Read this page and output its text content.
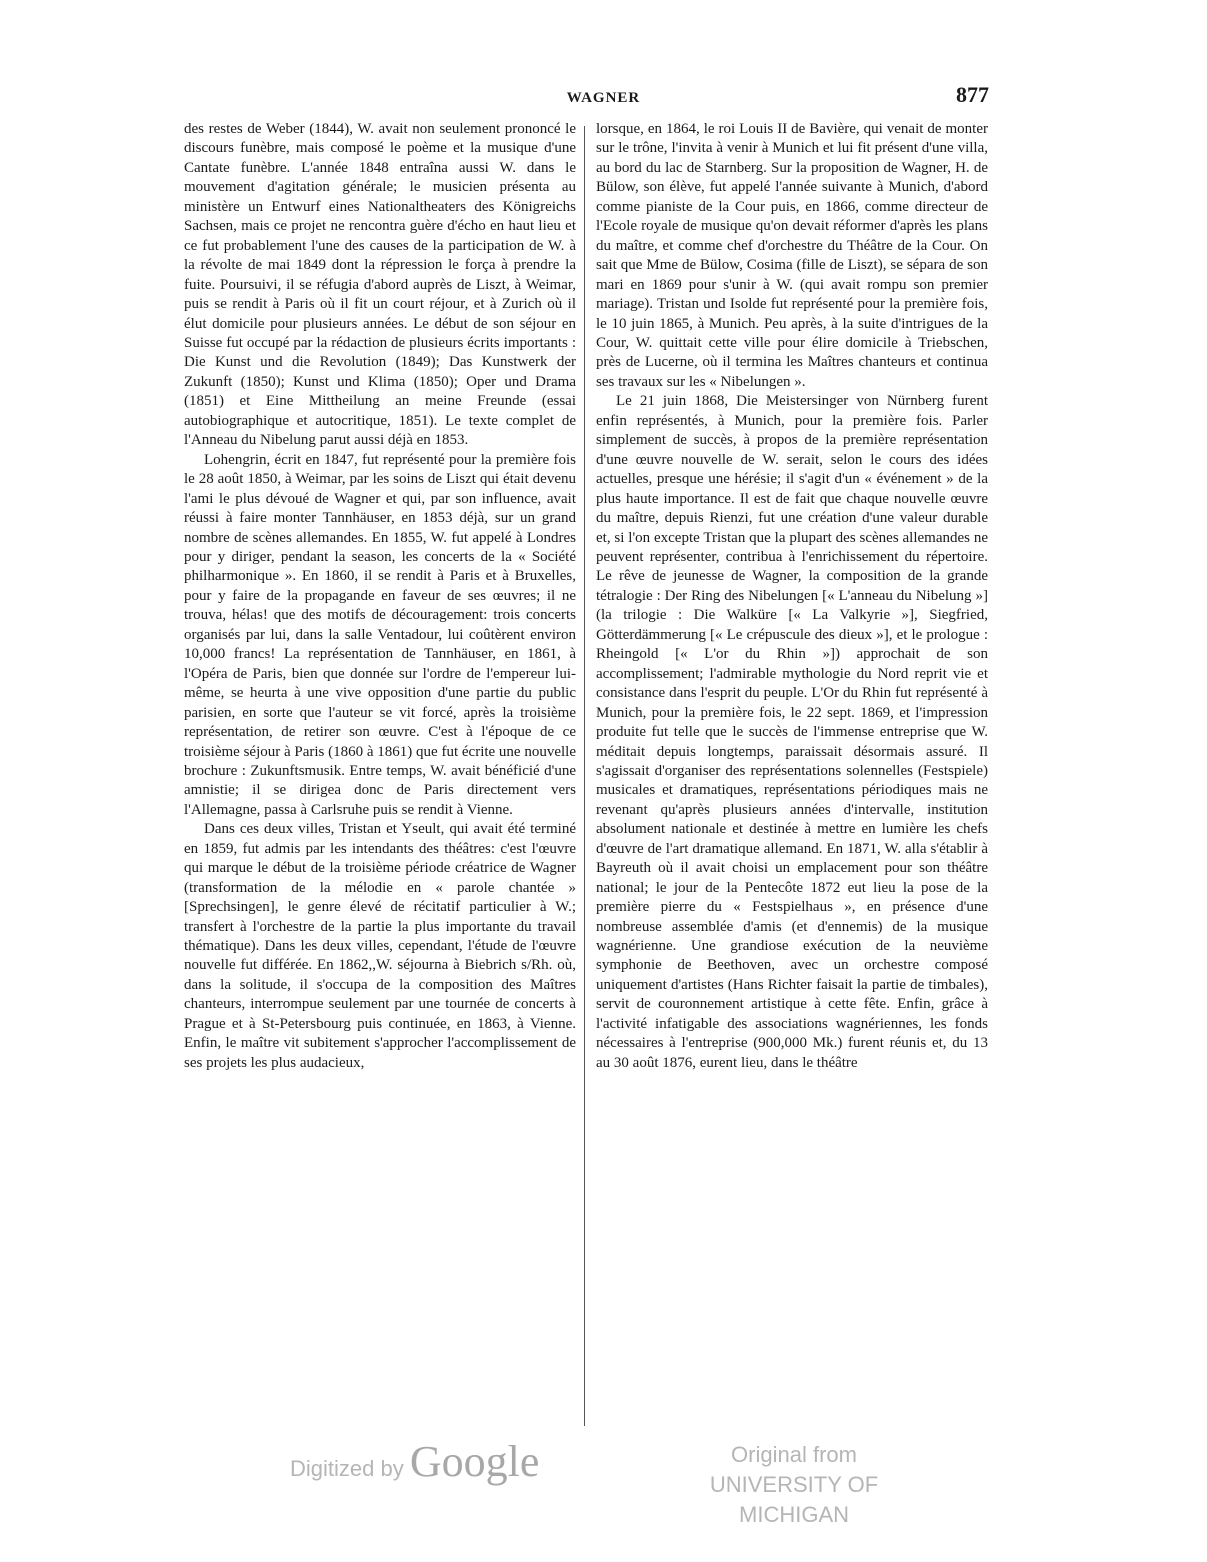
WAGNER	877

des restes de Weber (1844), W. avait non seulement prononcé le discours funèbre, mais composé le poème et la musique d'une Cantate funèbre. L'année 1848 entraîna aussi W. dans le mouvement d'agitation générale; le musicien présenta au ministère un Entwurf eines Nationaltheaters des Königreichs Sachsen, mais ce projet ne rencontra guère d'écho en haut lieu et ce fut probablement l'une des causes de la participation de W. à la révolte de mai 1849 dont la répression le força à prendre la fuite. Poursuivi, il se réfugia d'abord auprès de Liszt, à Weimar, puis se rendit à Paris où il fit un court réjour, et à Zurich où il élut domicile pour plusieurs années. Le début de son séjour en Suisse fut occupé par la rédaction de plusieurs écrits importants : Die Kunst und die Revolution (1849); Das Kunstwerk der Zukunft (1850); Kunst und Klima (1850); Oper und Drama (1851) et Eine Mittheilung an meine Freunde (essai autobiographique et autocritique, 1851). Le texte complet de l'Anneau du Nibelung parut aussi déjà en 1853.

Lohengrin, écrit en 1847, fut représenté pour la première fois le 28 août 1850, à Weimar, par les soins de Liszt qui était devenu l'ami le plus dévoué de Wagner et qui, par son influence, avait réussi à faire monter Tannhäuser, en 1853 déjà, sur un grand nombre de scènes allemandes. En 1855, W. fut appelé à Londres pour y diriger, pendant la season, les concerts de la « Société philharmonique ». En 1860, il se rendit à Paris et à Bruxelles, pour y faire de la propagande en faveur de ses œuvres; il ne trouva, hélas! que des motifs de découragement: trois concerts organisés par lui, dans la salle Ventadour, lui coûtèrent environ 10,000 francs! La représentation de Tannhäuser, en 1861, à l'Opéra de Paris, bien que donnée sur l'ordre de l'empereur lui-même, se heurta à une vive opposition d'une partie du public parisien, en sorte que l'auteur se vit forcé, après la troisième représentation, de retirer son œuvre. C'est à l'époque de ce troisième séjour à Paris (1860 à 1861) que fut écrite une nouvelle brochure : Zukunftsmusik. Entre temps, W. avait bénéficié d'une amnistie; il se dirigea donc de Paris directement vers l'Allemagne, passa à Carlsruhe puis se rendit à Vienne.

Dans ces deux villes, Tristan et Yseult, qui avait été terminé en 1859, fut admis par les intendants des théâtres: c'est l'œuvre qui marque le début de la troisième période créatrice de Wagner (transformation de la mélodie en « parole chantée » [Sprechsingen], le genre élevé de récitatif particulier à W.; transfert à l'orchestre de la partie la plus importante du travail thématique). Dans les deux villes, cependant, l'étude de l'œuvre nouvelle fut différée. En 1862,,W. séjourna à Biebrich s/Rh. où, dans la solitude, il s'occupa de la composition des Maîtres chanteurs, interrompue seulement par une tournée de concerts à Prague et à St-Petersbourg puis continuée, en 1863, à Vienne. Enfin, le maître vit subitement s'approcher l'accomplissement de ses projets les plus audacieux,

lorsque, en 1864, le roi Louis II de Bavière, qui venait de monter sur le trône, l'invita à venir à Munich et lui fit présent d'une villa, au bord du lac de Starnberg. Sur la proposition de Wagner, H. de Bülow, son élève, fut appelé l'année suivante à Munich, d'abord comme pianiste de la Cour puis, en 1866, comme directeur de l'Ecole royale de musique qu'on devait réformer d'après les plans du maître, et comme chef d'orchestre du Théâtre de la Cour. On sait que Mme de Bülow, Cosima (fille de Liszt), se sépara de son mari en 1869 pour s'unir à W. (qui avait rompu son premier mariage). Tristan und Isolde fut représenté pour la première fois, le 10 juin 1865, à Munich. Peu après, à la suite d'intrigues de la Cour, W. quittait cette ville pour élire domicile à Triebschen, près de Lucerne, où il termina les Maîtres chanteurs et continua ses travaux sur les « Nibelungen ».

Le 21 juin 1868, Die Meistersinger von Nürnberg furent enfin représentés, à Munich, pour la première fois. Parler simplement de succès, à propos de la première représentation d'une œuvre nouvelle de W. serait, selon le cours des idées actuelles, presque une hérésie; il s'agit d'un « événement » de la plus haute importance. Il est de fait que chaque nouvelle œuvre du maître, depuis Rienzi, fut une création d'une valeur durable et, si l'on excepte Tristan que la plupart des scènes allemandes ne peuvent représenter, contribua à l'enrichissement du répertoire. Le rêve de jeunesse de Wagner, la composition de la grande tétralogie : Der Ring des Nibelungen [« L'anneau du Nibelung »] (la trilogie : Die Walküre [« La Valkyrie »], Siegfried, Götterdämmerung [« Le crépuscule des dieux »], et le prologue : Rheingold [« L'or du Rhin »]) approchait de son accomplissement; l'admirable mythologie du Nord reprit vie et consistance dans l'esprit du peuple. L'Or du Rhin fut représenté à Munich, pour la première fois, le 22 sept. 1869, et l'impression produite fut telle que le succès de l'immense entreprise que W. méditait depuis longtemps, paraissait désormais assuré. Il s'agissait d'organiser des représentations solennelles (Festspiele) musicales et dramatiques, représentations périodiques mais ne revenant qu'après plusieurs années d'intervalle, institution absolument nationale et destinée à mettre en lumière les chefs d'œuvre de l'art dramatique allemand. En 1871, W. alla s'établir à Bayreuth où il avait choisi un emplacement pour son théâtre national; le jour de la Pentecôte 1872 eut lieu la pose de la première pierre du « Festspielhaus », en présence d'une nombreuse assemblée d'amis (et d'ennemis) de la musique wagnérienne. Une grandiose exécution de la neuvième symphonie de Beethoven, avec un orchestre composé uniquement d'artistes (Hans Richter faisait la partie de timbales), servit de couronnement artistique à cette fête. Enfin, grâce à l'activité infatigable des associations wagnériennes, les fonds nécessaires à l'entreprise (900,000 Mk.) furent réunis et, du 13 au 30 août 1876, eurent lieu, dans le théâtre

Digitized by Google	Original from
UNIVERSITY OF MICHIGAN
